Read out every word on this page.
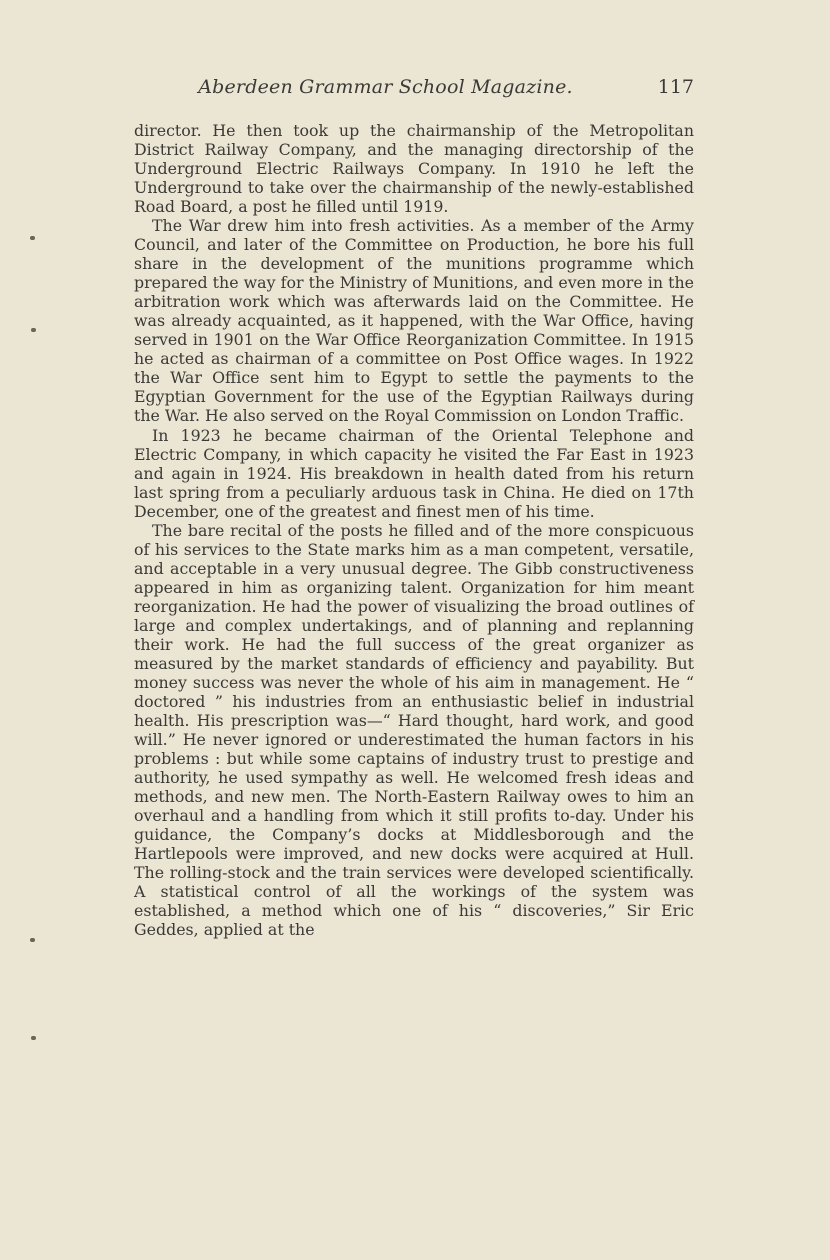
Aberdeen Grammar School Magazine.	117

director. He then took up the chairmanship of the Metropolitan District Railway Company, and the managing directorship of the Underground Electric Railways Company. In 1910 he left the Underground to take over the chairmanship of the newly-established Road Board, a post he filled until 1919.

The War drew him into fresh activities. As a member of the Army Council, and later of the Committee on Production, he bore his full share in the development of the munitions programme which prepared the way for the Ministry of Munitions, and even more in the arbitration work which was afterwards laid on the Committee. He was already acquainted, as it happened, with the War Office, having served in 1901 on the War Office Reorganization Committee. In 1915 he acted as chairman of a committee on Post Office wages. In 1922 the War Office sent him to Egypt to settle the payments to the Egyptian Government for the use of the Egyptian Railways during the War. He also served on the Royal Commission on London Traffic.

In 1923 he became chairman of the Oriental Telephone and Electric Company, in which capacity he visited the Far East in 1923 and again in 1924. His breakdown in health dated from his return last spring from a peculiarly arduous task in China. He died on 17th December, one of the greatest and finest men of his time.

The bare recital of the posts he filled and of the more conspicuous of his services to the State marks him as a man competent, versatile, and acceptable in a very unusual degree. The Gibb constructiveness appeared in him as organizing talent. Organization for him meant reorganization. He had the power of visualizing the broad outlines of large and complex undertakings, and of planning and replanning their work. He had the full success of the great organizer as measured by the market standards of efficiency and payability. But money success was never the whole of his aim in management. He “ doctored ” his industries from an enthusiastic belief in industrial health. His prescription was—“ Hard thought, hard work, and good will.” He never ignored or underestimated the human factors in his problems : but while some captains of industry trust to prestige and authority, he used sympathy as well. He welcomed fresh ideas and methods, and new men. The North-Eastern Railway owes to him an overhaul and a handling from which it still profits to-day. Under his guidance, the Company’s docks at Middlesborough and the Hartlepools were improved, and new docks were acquired at Hull. The rolling-stock and the train services were developed scientifically. A statistical control of all the workings of the system was established, a method which one of his “ discoveries,” Sir Eric Geddes, applied at the
